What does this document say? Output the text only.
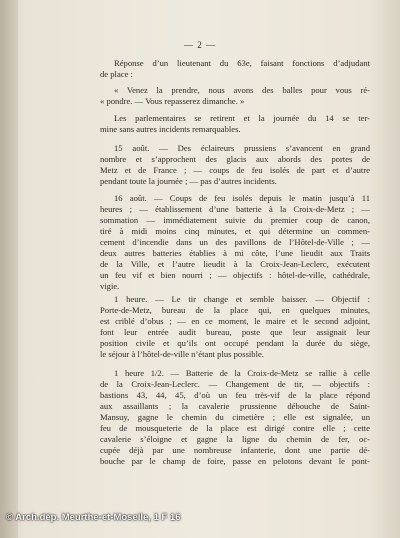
— 2 —
Réponse d’un lieutenant du 63e, faisant fonctions d’adjudant
de place :
« Venez la prendre, nous avons des balles pour vous ré-
« pondre. — Vous repasserez dimanche. »
Les parlementaires se retirent et la journée du 14 se ter-
mine sans autres incidents remarquables.
15 août. — Des éclaireurs prussiens s’avancent en grand
nombre et s’approchent des glacis aux abords des portes de
Metz et de France ; — coups de feu isolés de part et d’autre
pendant toute la journée ; — pas d’autres incidents.
16 août. — Coups de feu isolés depuis le matin jusqu’à 11
heures ; — établissement d’une batterie à la Croix-de-Metz ; —
sommation — immédiatement suivie du premier coup de canon,
tiré à midi moins cinq minutes, et qui détermine un commen-
cement d’incendie dans un des pavillons de l’Hôtel-de-Ville ; —
deux autres batteries établies à mi côte, l’une lieudit aux Traits
de la Ville, et l’autre lieudit à la Croix-Jean-Leclerc, exécutent
un feu vif et bien nourri ; — objectifs : hôtel-de-ville, cathédrale,
vigie.
1 heure. — Le tir change et semble baisser. — Objectif :
Porte-de-Metz, bureau de la place qui, en quelques minutes,
est criblé d’obus ; — en ce moment, le maire et le second adjoint,
font leur entrée audit bureau, poste que leur assignait leur
position civile et qu’ils ont occupé pendant la durée du siège,
le séjour à l’hôtel-de-ville n’étant plus possible.
1 heure 1/2. — Batterie de la Croix-de-Metz se rallie à celle
de la Croix-Jean-Leclerc. — Changement de tir, — objectifs :
bastions 43, 44, 45, d’où un feu très-vif de la place répond
aux assaillants ; la cavalerie prussienne débouche de Saint-
Mansuy, gagne le chemin du cimetière ; elle est signalée, un
feu de mousqueterie de la place est dirigé contre elle ; cette
cavalerie s’éloigne et gagne la ligne du chemin de fer, oc-
cupée déjà par une nombreuse infanterie, dont une partie dé-
bouche par le champ de foire, passe en pelotons devant le pont-
© Arch.dép. Meurthe-et-Moselle, 1 F 16
